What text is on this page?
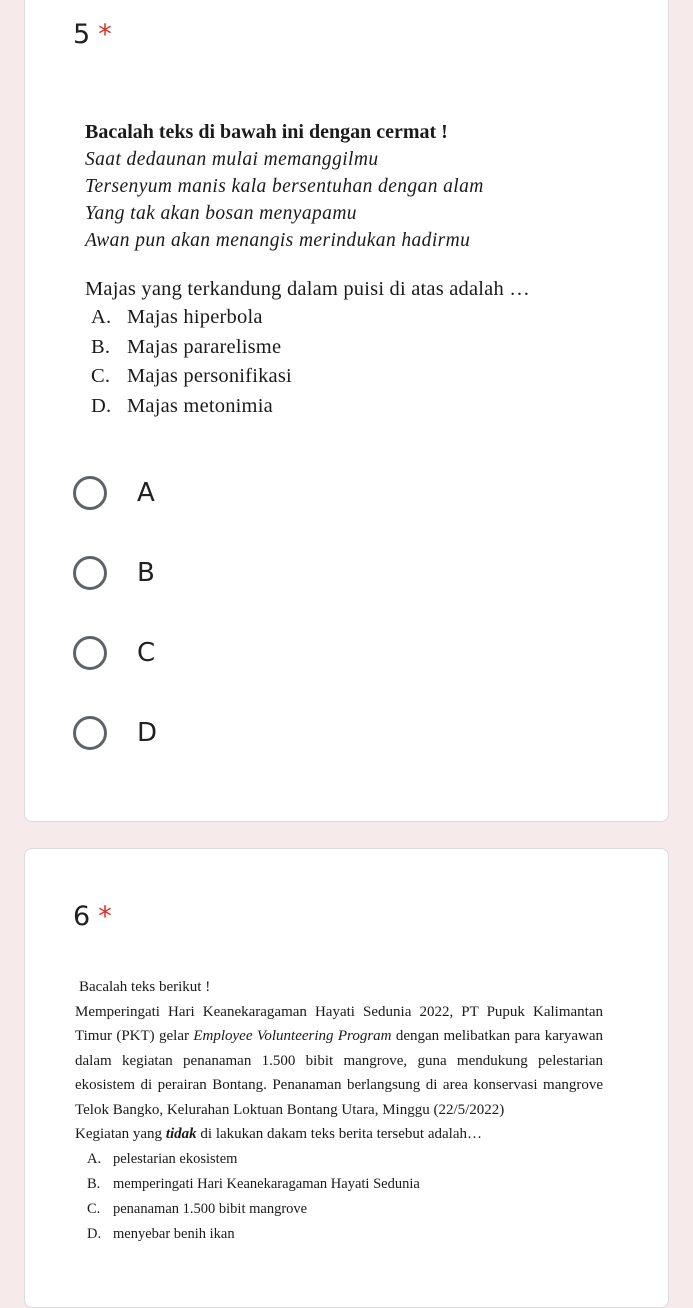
5 *
Bacalah teks di bawah ini dengan cermat !
Saat dedaunan mulai memanggilmu
Tersenyum manis kala bersentuhan dengan alam
Yang tak akan bosan menyapamu
Awan pun akan menangis merindukan hadirmu
Majas yang terkandung dalam puisi di atas adalah …
A. Majas hiperbola
B. Majas pararelisme
C. Majas personifikasi
D. Majas metonimia
A
B
C
D
6 *
Bacalah teks berikut !
Memperingati Hari Keanekaragaman Hayati Sedunia 2022, PT Pupuk Kalimantan Timur (PKT) gelar Employee Volunteering Program dengan melibatkan para karyawan dalam kegiatan penanaman 1.500 bibit mangrove, guna mendukung pelestarian ekosistem di perairan Bontang. Penanaman berlangsung di area konservasi mangrove Telok Bangko, Kelurahan Loktuan Bontang Utara, Minggu (22/5/2022)
Kegiatan yang tidak di lakukan dakam teks berita tersebut adalah…
A. pelestarian ekosistem
B. memperingati Hari Keanekaragaman Hayati Sedunia
C. penanaman 1.500 bibit mangrove
D. menyebar benih ikan
